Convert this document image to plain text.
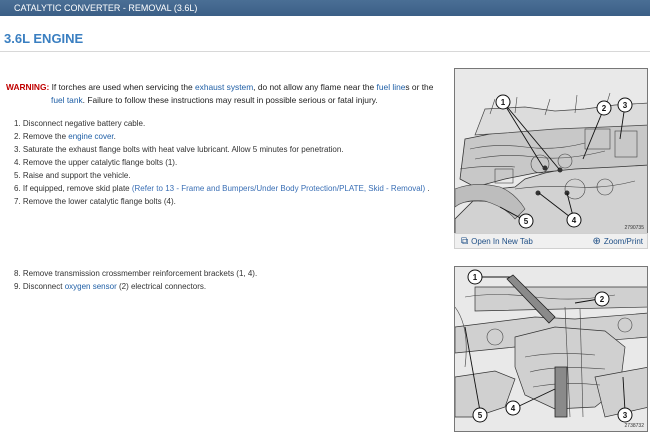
CATALYTIC CONVERTER - REMOVAL (3.6L)
3.6L ENGINE
WARNING: If torches are used when servicing the exhaust system, do not allow any flame near the fuel lines or the
fuel tank. Failure to follow these instructions may result in possible serious or fatal injury.
1. Disconnect negative battery cable.
2. Remove the engine cover.
3. Saturate the exhaust flange bolts with heat valve lubricant. Allow 5 minutes for penetration.
4. Remove the upper catalytic flange bolts (1).
5. Raise and support the vehicle.
6. If equipped, remove skid plate (Refer to 13 - Frame and Bumpers/Under Body Protection/PLATE, Skid - Removal) .
7. Remove the lower catalytic flange bolts (4).
8. Remove transmission crossmember reinforcement brackets (1, 4).
9. Disconnect oxygen sensor (2) electrical connectors.
1
2 3
4
5
2790735
⧉ Open In New Tab	⊕ Zoom/Print
1
2
3
4
5
2738732
